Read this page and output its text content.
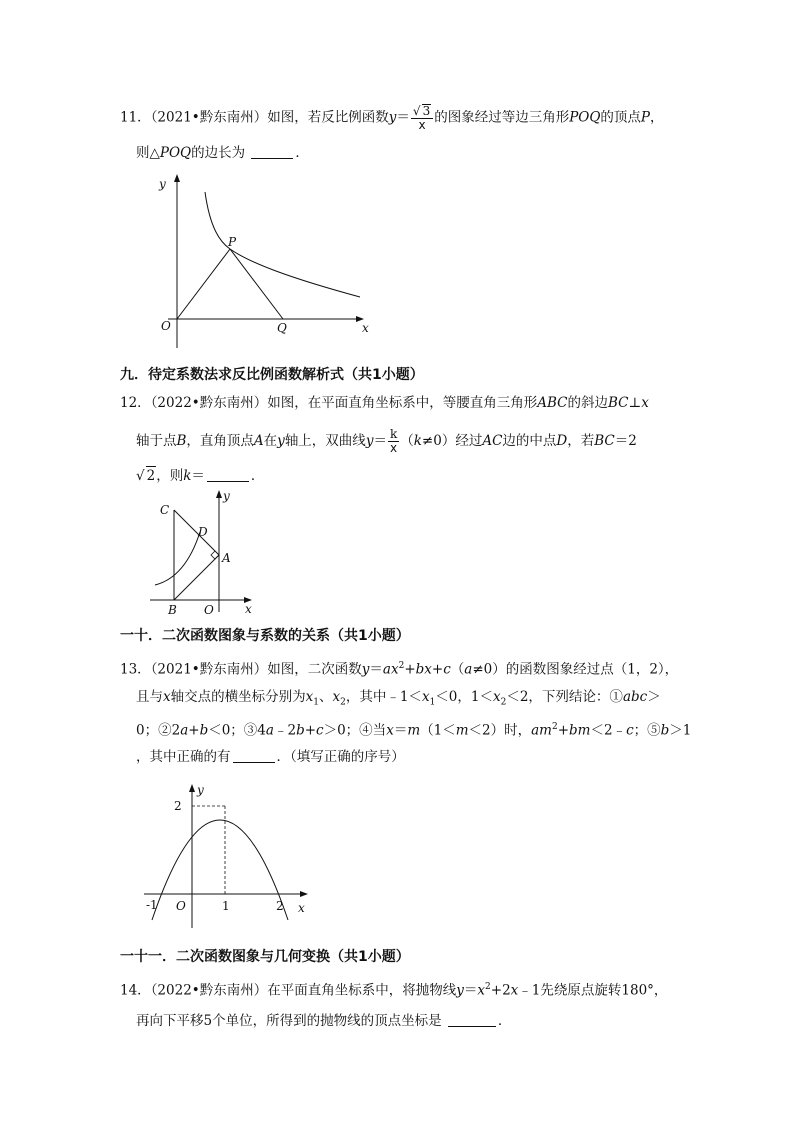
11．（2021•黔东南州）如图，若反比例函数$y= \frac{√ 3}{x}$ 的图象经过等边三角形POQ的顶点P，
则△POQ的边长为	．
y
P
O	Q	x
九．待定系数法求反比例函数解析式（共1小题）
12．（2022•黔东南州）如图，在平面直角坐标系中，等腰直角三角形ABC的斜边BC⊥x
轴于点B，直角顶点A在y轴上，双曲线$y= \frac{k}{x} (k\ne 0)$经过AC边的中点D，若BC＝2
√ 2，则k＝	．
C
D
A
B O	x
y
一十．二次函数图象与系数的关系（共1小题）
13．（2021•黔东南州）如图，二次函数$y=ax^2+bx+c(a\ne 0)$的函数图象经过点（1，2），
且与x轴交点的横坐标分别为$x_1$、$x_2$，其中$﹣1<x_1<0$，$1<x_2<2$，下列结论：①abc＞
0；②2a+b＜0；③4a﹣2b+c＞0；④当x＝m（1＜m＜2）时，$am^2+bm<2﹣c$；⑤b＞1
，其中正确的有	．（填写正确的序号）
y
2
-1 O	1	2 x
一十一．二次函数图象与几何变换（共1小题）
14．（2022•黔东南州）在平面直角坐标系中，将抛物线$y=x^2+2x﹣1$先绕原点旋转180°，
再向下平移5个单位，所得到的抛物线的顶点坐标是	．
